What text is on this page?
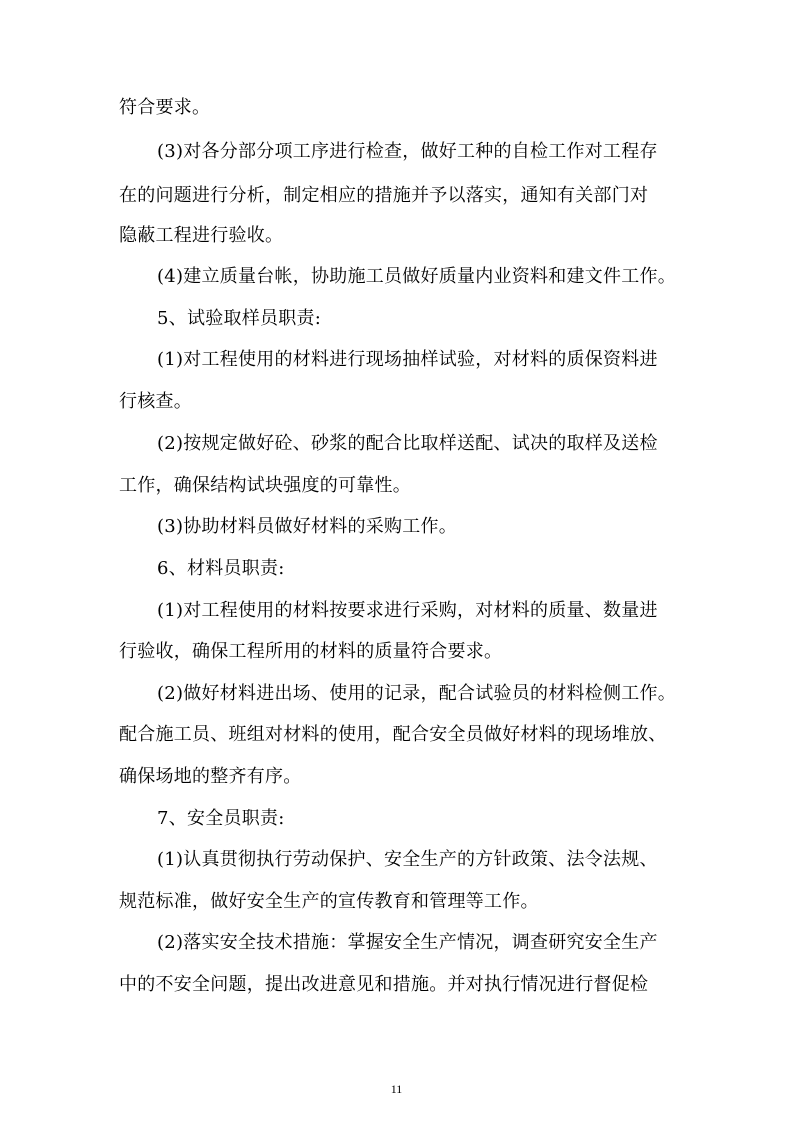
符合要求。
(3)对各分部分项工序进行检查，做好工种的自检工作对工程存
在的问题进行分析，制定相应的措施并予以落实，通知有关部门对
隐蔽工程进行验收。
(4)建立质量台帐，协助施工员做好质量内业资料和建文件工作。
5、试验取样员职责:
(1)对工程使用的材料进行现场抽样试验，对材料的质保资料进
行核查。
(2)按规定做好砼、砂浆的配合比取样送配、试决的取样及送检
工作，确保结构试块强度的可靠性。
(3)协助材料员做好材料的采购工作。
6、材料员职责:
(1)对工程使用的材料按要求进行采购，对材料的质量、数量进
行验收，确保工程所用的材料的质量符合要求。
(2)做好材料进出场、使用的记录，配合试验员的材料检侧工作。
配合施工员、班组对材料的使用，配合安全员做好材料的现场堆放、
确保场地的整齐有序。
7、安全员职责:
(1)认真贯彻执行劳动保护、安全生产的方针政策、法令法规、
规范标准，做好安全生产的宣传教育和管理等工作。
(2)落实安全技术措施：掌握安全生产情况，调查研究安全生产
中的不安全问题，提出改进意见和措施。并对执行情况进行督促检
11
